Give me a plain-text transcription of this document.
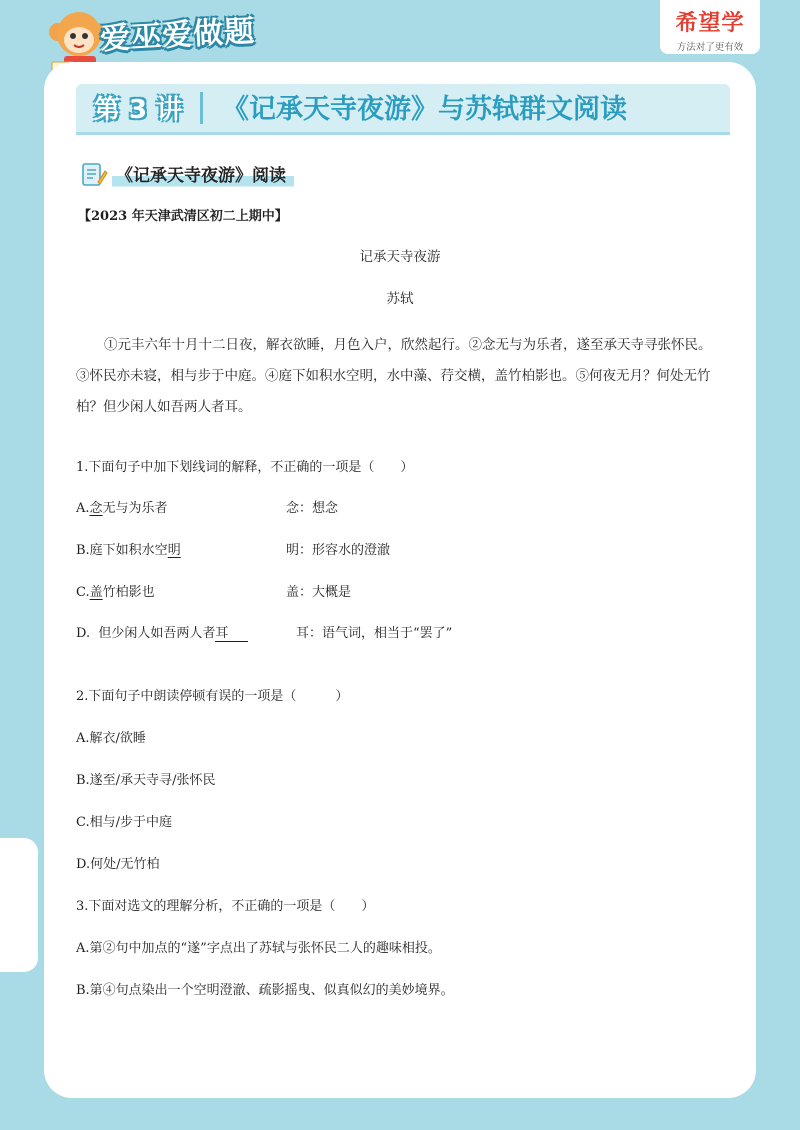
爱巫爱做题	希望学
方法对了更有效
第 3 讲 《记承天寺夜游》与苏轼群文阅读
《记承天寺夜游》阅读
【2023 年天津武清区初二上期中】
记承天寺夜游
苏轼

①元丰六年十月十二日夜，解衣欲睡，月色入户，欣然起行。②念无与为乐者，遂至承天寺寻张怀民。③怀民亦未寝，相与步于中庭。④庭下如积水空明，水中藻、荇交横，盖竹柏影也。⑤何夜无月？何处无竹柏？但少闲人如吾两人者耳。

1.下面句子中加下划线词的解释，不正确的一项是（　　）
A.念无与为乐者	念：想念
B.庭下如积水空明	明：形容水的澄澈
C.盖竹柏影也	盖：大概是
D.  但少闲人如吾两人者耳	耳：语气词，相当于“罢了”
2.下面句子中朗读停顿有误的一项是（　　　）
A.解衣/欲睡
B.遂至/承天寺寻/张怀民
C.相与/步于中庭
D.何处/无竹柏
3.下面对选文的理解分析，不正确的一项是（　　）
A.第②句中加点的“遂”字点出了苏轼与张怀民二人的趣味相投。
B.第④句点染出一个空明澄澈、疏影摇曳、似真似幻的美妙境界。
